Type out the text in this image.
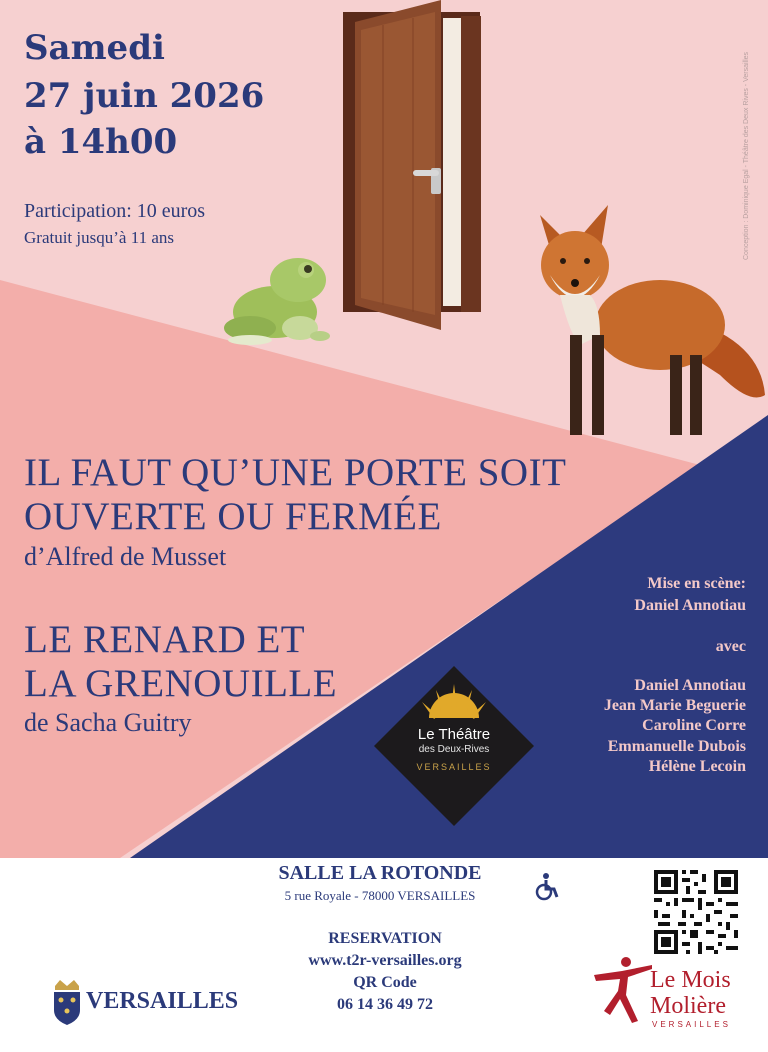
Samedi
27 juin 2026
à 14h00
Participation: 10 euros
Gratuit jusqu’à 11 ans	Conception : Dominique Egal - Théâtre des Deux Rives - Versailles
IL FAUT QU’UNE PORTE SOIT
OUVERTE OU FERMÉE
d’Alfred de Musset
LE RENARD ET
LA GRENOUILLE
de Sacha Guitry
Mise en scène:
Daniel Annotiau
avec
Daniel Annotiau
Jean Marie Beguerie
Caroline Corre
Emmanuelle Dubois
Hélène Lecoin
Le Théâtre
des Deux-Rives
VERSAILLES
SALLE LA ROTONDE
5 rue Royale - 78000 VERSAILLES
RESERVATION
www.t2r-versailles.org
QR Code
06 14 36 49 72
VERSAILLES
Le Mois
Molière
VERSAILLES
